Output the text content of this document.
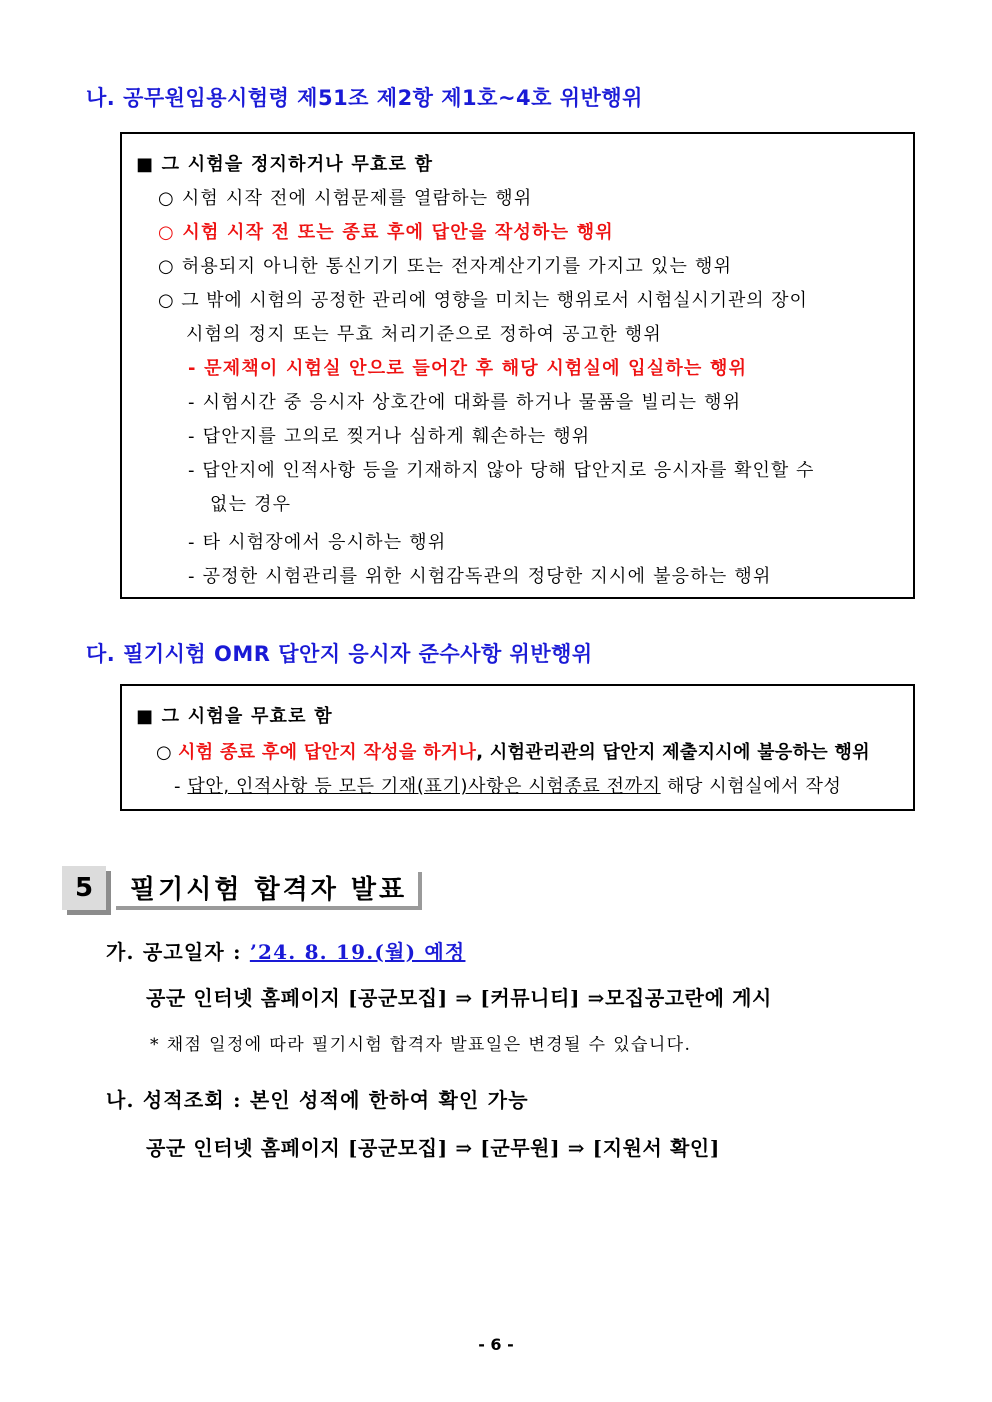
나. 공무원임용시험령 제51조 제2항 제1호~4호 위반행위
■ 그 시험을 정지하거나 무효로 함
○ 시험 시작 전에 시험문제를 열람하는 행위
○ 시험 시작 전 또는 종료 후에 답안을 작성하는 행위
○ 허용되지 아니한 통신기기 또는 전자계산기기를 가지고 있는 행위
○ 그 밖에 시험의 공정한 관리에 영향을 미치는 행위로서 시험실시기관의 장이
시험의 정지 또는 무효 처리기준으로 정하여 공고한 행위
- 문제책이 시험실 안으로 들어간 후 해당 시험실에 입실하는 행위
- 시험시간 중 응시자 상호간에 대화를 하거나 물품을 빌리는 행위
- 답안지를 고의로 찢거나 심하게 훼손하는 행위
- 답안지에 인적사항 등을 기재하지 않아 당해 답안지로 응시자를 확인할 수
없는 경우
- 타 시험장에서 응시하는 행위
- 공정한 시험관리를 위한 시험감독관의 정당한 지시에 불응하는 행위
다. 필기시험 OMR 답안지 응시자 준수사항 위반행위
■ 그 시험을 무효로 함
○ 시험 종료 후에 답안지 작성을 하거나, 시험관리관의 답안지 제출지시에 불응하는 행위
- 답안, 인적사항 등 모든 기재(표기)사항은 시험종료 전까지 해당 시험실에서 작성
5	필기시험 합격자 발표
가. 공고일자 : ’24. 8. 19.(월) 예정
공군 인터넷 홈페이지 [공군모집] ⇒ [커뮤니티] ⇒모집공고란에 게시
* 채점 일정에 따라 필기시험 합격자 발표일은 변경될 수 있습니다.
나. 성적조회 : 본인 성적에 한하여 확인 가능
공군 인터넷 홈페이지 [공군모집] ⇒ [군무원] ⇒ [지원서 확인]
- 6 -
